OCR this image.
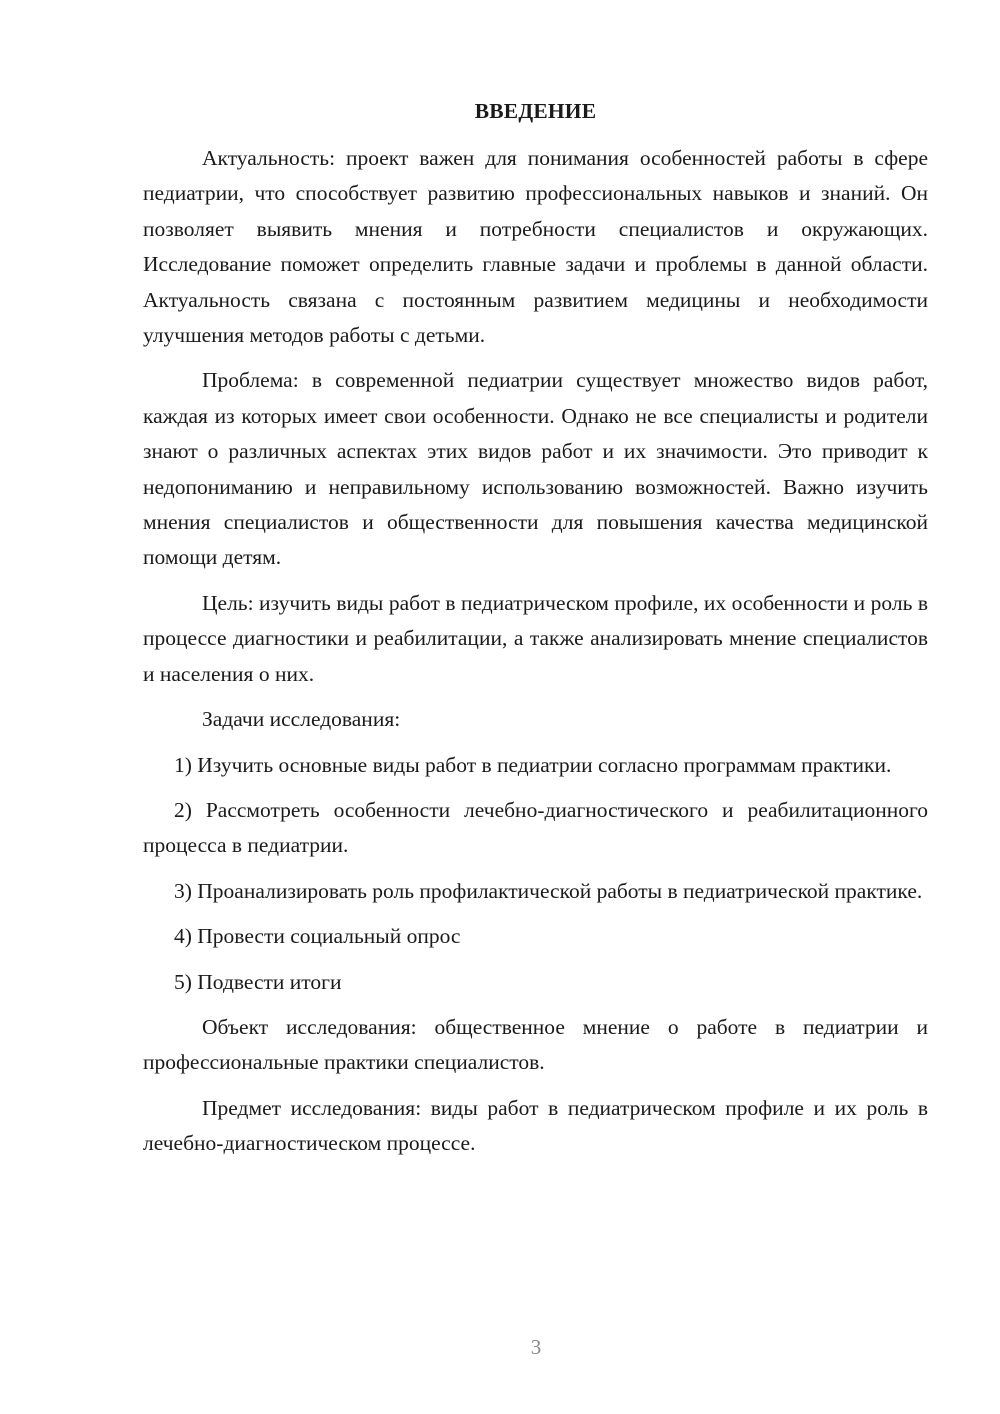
ВВЕДЕНИЕ

Актуальность: проект важен для понимания особенностей работы в сфере педиатрии, что способствует развитию профессиональных навыков и знаний. Он позволяет выявить мнения и потребности специалистов и окружающих. Исследование поможет определить главные задачи и проблемы в данной области. Актуальность связана с постоянным развитием медицины и необходимости улучшения методов работы с детьми.

Проблема: в современной педиатрии существует множество видов работ, каждая из которых имеет свои особенности. Однако не все специалисты и родители знают о различных аспектах этих видов работ и их значимости. Это приводит к недопониманию и неправильному использованию возможностей. Важно изучить мнения специалистов и общественности для повышения качества медицинской помощи детям.

Цель: изучить виды работ в педиатрическом профиле, их особенности и роль в процессе диагностики и реабилитации, а также анализировать мнение специалистов и населения о них.

Задачи исследования:

1) Изучить основные виды работ в педиатрии согласно программам практики.

2) Рассмотреть особенности лечебно-диагностического и реабилитационного процесса в педиатрии.

3) Проанализировать роль профилактической работы в педиатрической практике.

4) Провести социальный опрос

5) Подвести итоги

Объект исследования: общественное мнение о работе в педиатрии и профессиональные практики специалистов.

Предмет исследования: виды работ в педиатрическом профиле и их роль в лечебно-диагностическом процессе.

3
